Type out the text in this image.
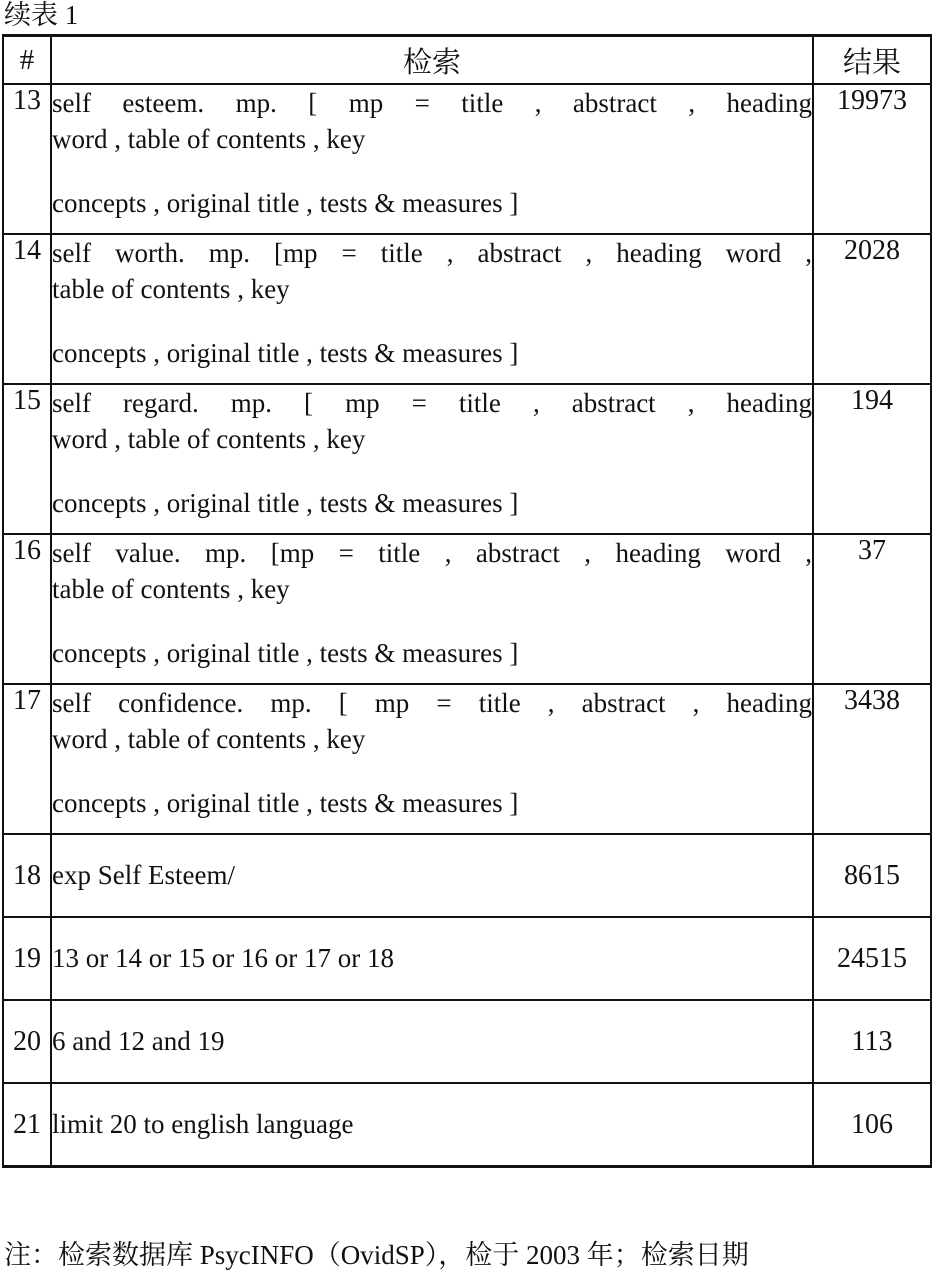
续表 1
#	检索	结果
13	self esteem. mp. [ mp = title , abstract , heading
word , table of contents , key
concepts , original title , tests & measures ]	19973
14	self worth. mp. [mp = title , abstract , heading word ,
table of contents , key
concepts , original title , tests & measures ]	2028
15	self regard. mp. [ mp = title , abstract , heading
word , table of contents , key
concepts , original title , tests & measures ]	194
16	self value. mp. [mp = title , abstract , heading word ,
table of contents , key
concepts , original title , tests & measures ]	37
17	self confidence. mp. [ mp = title , abstract , heading
word , table of contents , key
concepts , original title , tests & measures ]	3438
18	exp Self Esteem/	8615
19	13 or 14 or 15 or 16 or 17 or 18	24515
20	6 and 12 and 19	113
21	limit 20 to english language	106
注：检索数据库 PsycINFO（OvidSP），检于 2003 年；检索日期
